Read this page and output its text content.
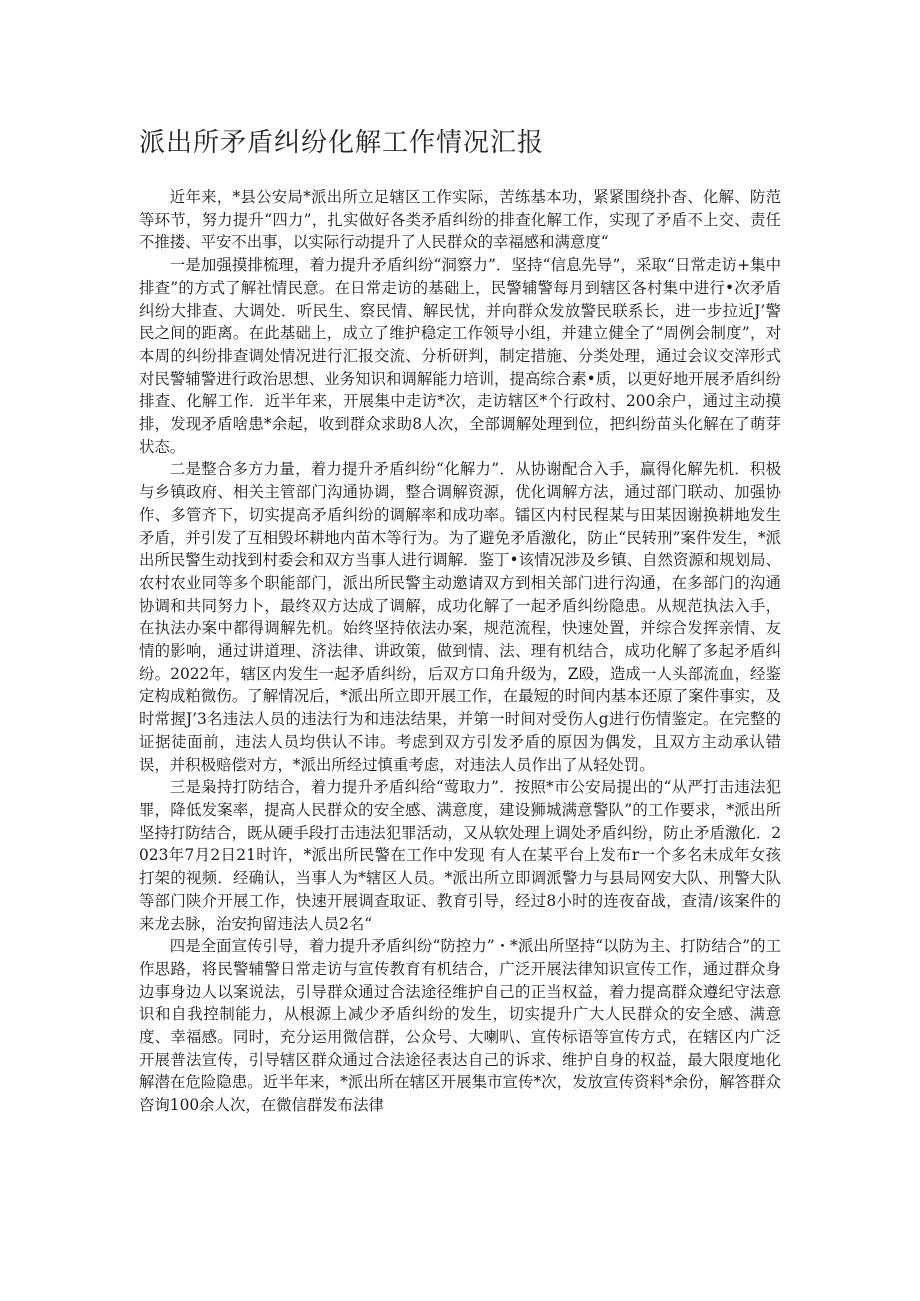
派出所矛盾纠纷化解工作情况汇报

近年来，*县公安局*派出所立足辖区工作实际，苦练基本功，紧紧围绕扑杳、化解、防范等环节，努力提升“四力”，扎实做好各类矛盾纠纷的排查化解工作，实现了矛盾不上交、责任不推搂、平安不出事，以实际行动提升了人民群众的幸福感和满意度“

一是加强摸排梳理，着力提升矛盾纠纷“洞察力”．坚持“信息先导”，采取“日常走访+集中排查”的方式了解社情民意。在日常走访的基础上，民警辅警每月到辖区各村集中进行•次矛盾纠纷大排查、大调处．听民生、察民情、解民忧，并向群众发放警民联系长，进一步拉近J’警民之间的距离。在此基础上，成立了维护稳定工作领导小组，并建立健全了“周例会制度”，对本周的纠纷排查调处情况进行汇报交流、分析研判，制定措施、分类处理，通过会议交滓形式对民警辅警进行政治思想、业务知识和调解能力培训，提高综合素•质，以更好地开展矛盾纠纷排查、化解工作．近半年来，开展集中走访*次，走访辖区*个行政村、200余户，通过主动摸排，发现矛盾啥患*余起，收到群众求助8人次，全部调解处理到位，把纠纷苗头化解在了萌芽状态。

二是整合多方力量，着力提升矛盾纠纷“化解力”．从协谢配合入手，赢得化解先机．积极与乡镇政府、相关主管部门沟通协调，整合调解资源，优化调解方法，通过部门联动、加强协作、多管齐下，切实提高矛盾纠纷的调解率和成功率。镭区内村民程某与田某因谢换耕地发生矛盾，并引发了互相毁坏耕地内苗木等行为。为了避免矛盾激化，防止“民转刑”案件发生，*派出所民警生动找到村委会和双方当事人进行调解．鉴丁•该情况涉及乡镇、自然资源和规划局、农村农业同等多个职能部门，派出所民警主动邀请双方到相关部门进行沟通，在多部门的沟通协调和共同努力卜，最终双方达成了调解，成功化解了一起矛盾纠纷隐患。从规范执法入手，在执法办案中都得调解先机。始终坚持依法办案，规范流程，快速处置，并综合发挥亲情、友情的影响，通过讲道理、济法律、讲政策，做到情、法、理有机结合，成功化解了多起矛盾纠纷。2022年，辖区内发生一起矛盾纠纷，后双方口角升级为，Z殴，造成一人头部流血，经鉴定构成粕微伤。了解情况后，*派出所立即开展工作，在最短的时间内基本还原了案件事实，及时常握J’3名违法人员的违法行为和违法结果，并第一时间对受伤人g进行伤情鉴定。在完整的证据徒面前，违法人员均供认不讳。考虑到双方引发矛盾的原因为偶发，且双方主动承认错误，并积极赔偿对方，*派出所经过慎重考虑，对违法人员作出了从轻处罚。

三是枭持打防结合，着力提升矛盾纠给“莺取力”．按照*市公安局提出的“从严打击违法犯罪，降低发案率，提高人民群众的安全感、满意度，建设狮城满意警队”的工作要求，*派出所坚持打防结合，既从硬手段打击违法犯罪活动，又从软处理上调处矛盾纠纷，防止矛盾激化．2023年7月2日21时许，*派出所民警在工作中发现 有人在某平台上发布r一个多名未成年女孩打架的视频．经确认，当事人为*辖区人员。*派出所立即调派警力与县局网安大队、刑警大队等部门陕介开展工作，快速开展调查取证、教育引导，经过8小时的连夜奋战，查清/该案件的来龙去脉，治安拘留违法人员2名“

四是全面宣传引导，着力提升矛盾纠纷“防控力”・*派出所坚持“以防为主、打防结合”的工作思路，将民警辅警日常走访与宣传教育有机结合，广泛开展法律知识宣传工作，通过群众身边事身边人以案说法，引导群众通过合法途径维护自己的正当权益，着力提高群众遵纪守法意识和自我控制能力，从根源上减少矛盾纠纷的发生，切实提升广大人民群众的安全感、满意度、幸福感。同时，充分运用微信群，公众号、大喇叭、宣传标语等宣传方式，在辖区内广泛开展普法宣传，引导辖区群众通过合法途径表达自己的诉求、维护自身的权益，最大限度地化解潜在危险隐患。近半年来，*派出所在辖区开展集市宣传*次，发放宣传资料*余份，解答群众咨询100余人次，在微信群发布法律
